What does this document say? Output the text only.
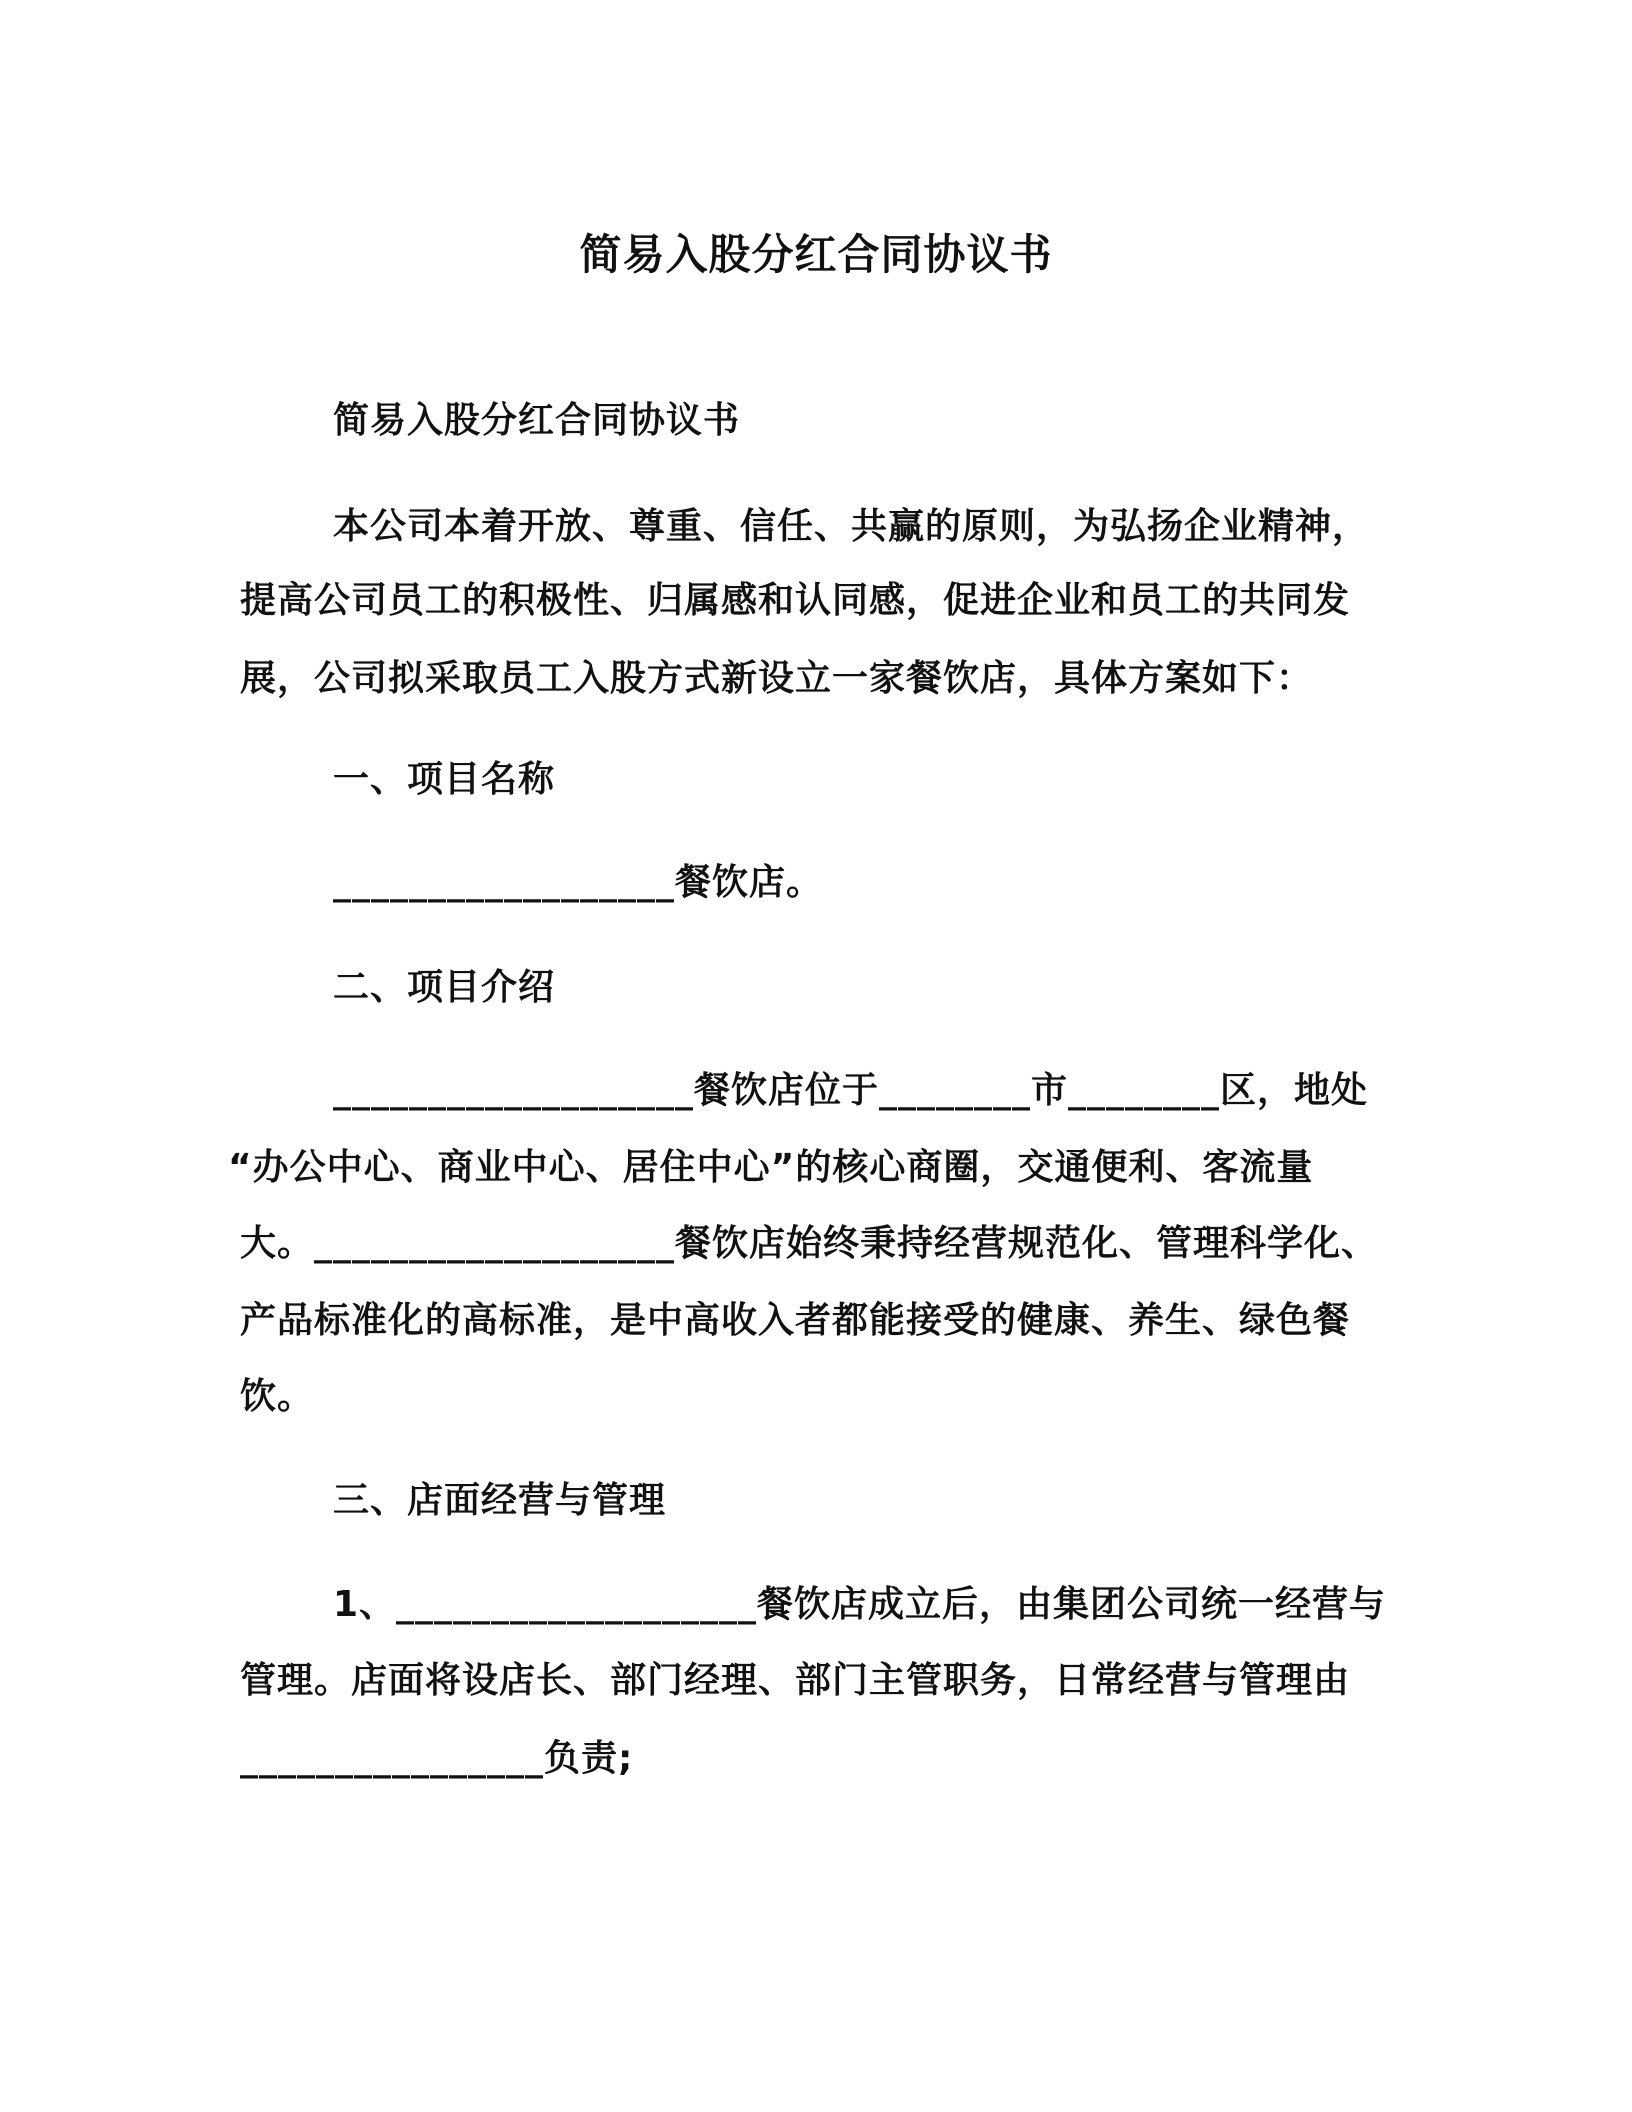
简易入股分红合同协议书
简易入股分红合同协议书
本公司本着开放、尊重、信任、共赢的原则，为弘扬企业精神，
提高公司员工的积极性、归属感和认同感，促进企业和员工的共同发
展，公司拟采取员工入股方式新设立一家餐饮店，具体方案如下：
一、项目名称
__________________餐饮店。
二、项目介绍
___________________餐饮店位于________市________区，地处
“办公中心、商业中心、居住中心”的核心商圈，交通便利、客流量
大。___________________餐饮店始终秉持经营规范化、管理科学化、
产品标准化的高标准，是中高收入者都能接受的健康、养生、绿色餐
饮。
三、店面经营与管理
1、___________________餐饮店成立后，由集团公司统一经营与
管理。店面将设店长、部门经理、部门主管职务，日常经营与管理由
________________负责;
